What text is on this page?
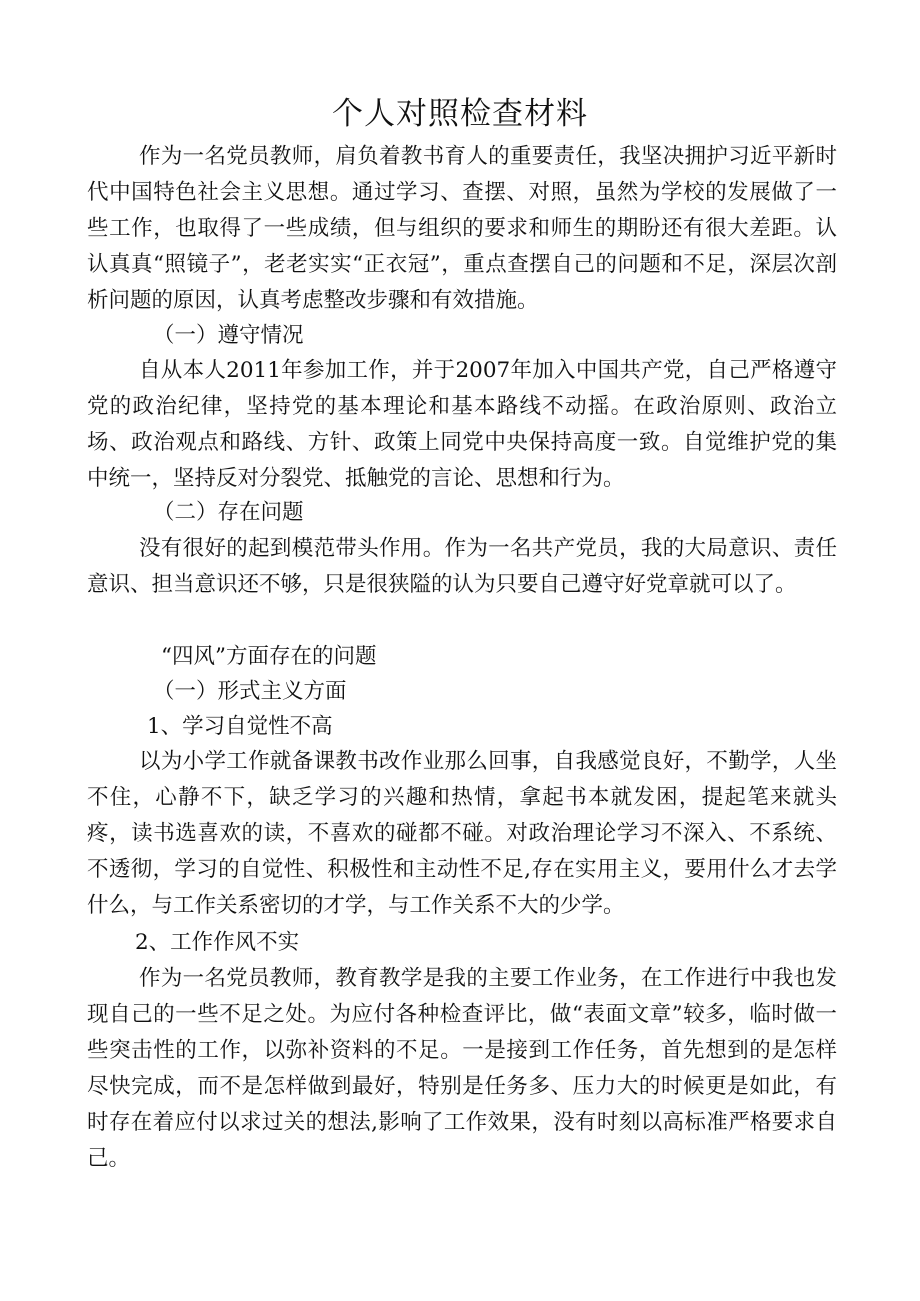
个人对照检查材料

作为一名党员教师，肩负着教书育人的重要责任，我坚决拥护习近平新时代中国特色社会主义思想。通过学习、查摆、对照，虽然为学校的发展做了一些工作，也取得了一些成绩，但与组织的要求和师生的期盼还有很大差距。认认真真“照镜子”，老老实实“正衣冠”，重点查摆自己的问题和不足，深层次剖析问题的原因，认真考虑整改步骤和有效措施。

（一）遵守情况

自从本人2011年参加工作，并于2007年加入中国共产党，自己严格遵守党的政治纪律，坚持党的基本理论和基本路线不动摇。在政治原则、政治立场、政治观点和路线、方针、政策上同党中央保持高度一致。自觉维护党的集中统一，坚持反对分裂党、抵触党的言论、思想和行为。

（二）存在问题

没有很好的起到模范带头作用。作为一名共产党员，我的大局意识、责任意识、担当意识还不够，只是很狭隘的认为只要自己遵守好党章就可以了。

“四风”方面存在的问题

（一）形式主义方面

1、学习自觉性不高

以为小学工作就备课教书改作业那么回事，自我感觉良好，不勤学，人坐不住，心静不下，缺乏学习的兴趣和热情，拿起书本就发困，提起笔来就头疼，读书选喜欢的读，不喜欢的碰都不碰。对政治理论学习不深入、不系统、不透彻，学习的自觉性、积极性和主动性不足,存在实用主义，要用什么才去学什么，与工作关系密切的才学，与工作关系不大的少学。

2、工作作风不实

作为一名党员教师，教育教学是我的主要工作业务，在工作进行中我也发现自己的一些不足之处。为应付各种检查评比，做“表面文章”较多，临时做一些突击性的工作，以弥补资料的不足。一是接到工作任务，首先想到的是怎样尽快完成，而不是怎样做到最好，特别是任务多、压力大的时候更是如此，有时存在着应付以求过关的想法,影响了工作效果，没有时刻以高标准严格要求自己。
